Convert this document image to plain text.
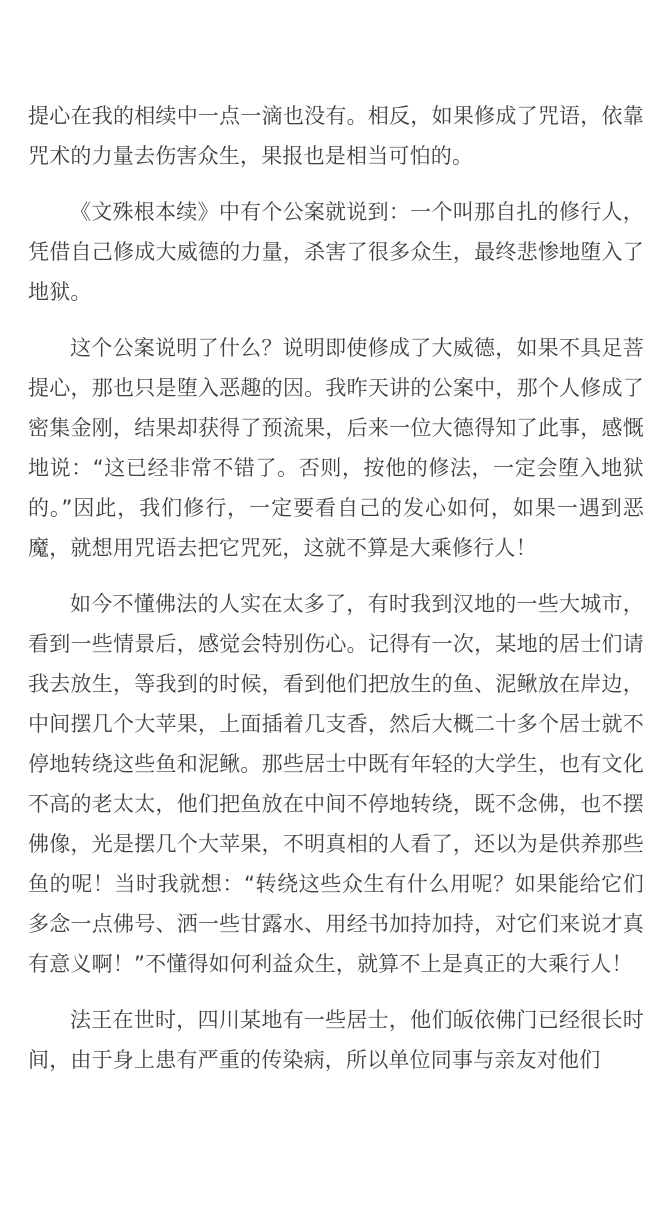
提心在我的相续中一点一滴也没有。相反，如果修成了咒语，依靠咒术的力量去伤害众生，果报也是相当可怕的。

《文殊根本续》中有个公案就说到：一个叫那自扎的修行人，凭借自己修成大威德的力量，杀害了很多众生，最终悲惨地堕入了地狱。

这个公案说明了什么？说明即使修成了大威德，如果不具足菩提心，那也只是堕入恶趣的因。我昨天讲的公案中，那个人修成了密集金刚，结果却获得了预流果，后来一位大德得知了此事，感慨地说：“这已经非常不错了。否则，按他的修法，一定会堕入地狱的。”因此，我们修行，一定要看自己的发心如何，如果一遇到恶魔，就想用咒语去把它咒死，这就不算是大乘修行人！

如今不懂佛法的人实在太多了，有时我到汉地的一些大城市，看到一些情景后，感觉会特别伤心。记得有一次，某地的居士们请我去放生，等我到的时候，看到他们把放生的鱼、泥鳅放在岸边，中间摆几个大苹果，上面插着几支香，然后大概二十多个居士就不停地转绕这些鱼和泥鳅。那些居士中既有年轻的大学生，也有文化不高的老太太，他们把鱼放在中间不停地转绕，既不念佛，也不摆佛像，光是摆几个大苹果，不明真相的人看了，还以为是供养那些鱼的呢！当时我就想：“转绕这些众生有什么用呢？如果能给它们多念一点佛号、洒一些甘露水、用经书加持加持，对它们来说才真有意义啊！”不懂得如何利益众生，就算不上是真正的大乘行人！

法王在世时，四川某地有一些居士，他们皈依佛门已经很长时间，由于身上患有严重的传染病，所以单位同事与亲友对他们
